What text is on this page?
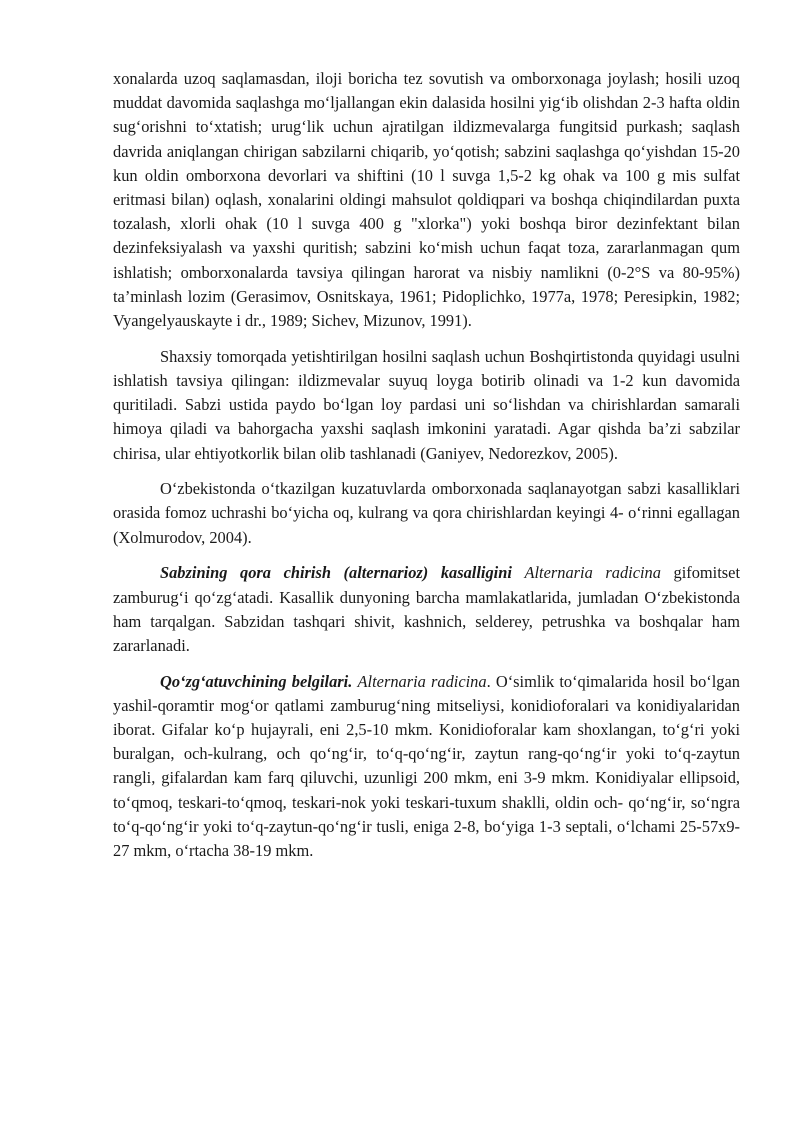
xonalarda uzoq saqlamasdan, iloji boricha tez sovutish va omborxonaga joylash; hosili uzoq muddat davomida saqlashga moʻljallangan ekin dalasida hosilni yigʻib olishdan 2-3 hafta oldin sugʻorishni toʻxtatish; urugʻlik uchun ajratilgan ildizmevalarga fungitsid purkash; saqlash davrida aniqlangan chirigan sabzilarni chiqarib, yoʻqotish; sabzini saqlashga qoʻyishdan 15-20 kun oldin omborxona devorlari va shiftini (10 l suvga 1,5-2 kg ohak va 100 g mis sulfat eritmasi bilan) oqlash, xonalarini oldingi mahsulot qoldiqpari va boshqa chiqindilardan puxta tozalash, xlorli ohak (10 l suvga 400 g "xlorka") yoki boshqa biror dezinfektant bilan dezinfeksiyalash va yaxshi quritish; sabzini koʻmish uchun faqat toza, zararlanmagan qum ishlatish; omborxonalarda tavsiya qilingan harorat va nisbiy namlikni (0-2°S va 80-95%) ta’minlash lozim (Gerasimov, Osnitskaya, 1961; Pidoplichko, 1977a, 1978; Peresipkin, 1982; Vyangelyauskayte i dr., 1989; Sichev, Mizunov, 1991).

Shaxsiy tomorqada yetishtirilgan hosilni saqlash uchun Boshqirtistonda quyidagi usulni ishlatish tavsiya qilingan: ildizmevalar suyuq loyga botirib olinadi va 1-2 kun davomida quritiladi. Sabzi ustida paydo boʻlgan loy pardasi uni soʻlishdan va chirishlardan samarali himoya qiladi va bahorgacha yaxshi saqlash imkonini yaratadi. Agar qishda ba’zi sabzilar chirisa, ular ehtiyotkorlik bilan olib tashlanadi (Ganiyev, Nedorezkov, 2005).

Oʻzbekistonda oʻtkazilgan kuzatuvlarda omborxonada saqlanayotgan sabzi kasalliklari orasida fomoz uchrashi boʻyicha oq, kulrang va qora chirishlardan keyingi 4- oʻrinni egallagan (Xolmurodov, 2004).

Sabzining qora chirish (alternarioz) kasalligini Alternaria radicina gifomitset zamburugʻi qoʻzgʻatadi. Kasallik dunyoning barcha mamlakatlarida, jumladan Oʻzbekistonda ham tarqalgan. Sabzidan tashqari shivit, kashnich, selderey, petrushka va boshqalar ham zararlanadi.

Qoʻzgʻatuvchining belgilari. Alternaria radicina. Oʻsimlik toʻqimalarida hosil boʻlgan yashil-qoramtir mogʻor qatlami zamburugʻning mitseliysi, konidioforalari va konidiyalaridan iborat. Gifalar koʻp hujayrali, eni 2,5-10 mkm. Konidioforalar kam shoxlangan, toʻgʻri yoki buralgan, och-kulrang, och qoʻngʻir, toʻq-qoʻngʻir, zaytun rang-qoʻngʻir yoki toʻq-zaytun rangli, gifalardan kam farq qiluvchi, uzunligi 200 mkm, eni 3-9 mkm. Konidiyalar ellipsoid, toʻqmoq, teskari-toʻqmoq, teskari-nok yoki teskari-tuxum shaklli, oldin och- qoʻngʻir, soʻngra toʻq-qoʻngʻir yoki toʻq-zaytun-qoʻngʻir tusli, eniga 2-8, boʻyiga 1-3 septali, oʻlchami 25-57x9-27 mkm, oʻrtacha 38-19 mkm.
